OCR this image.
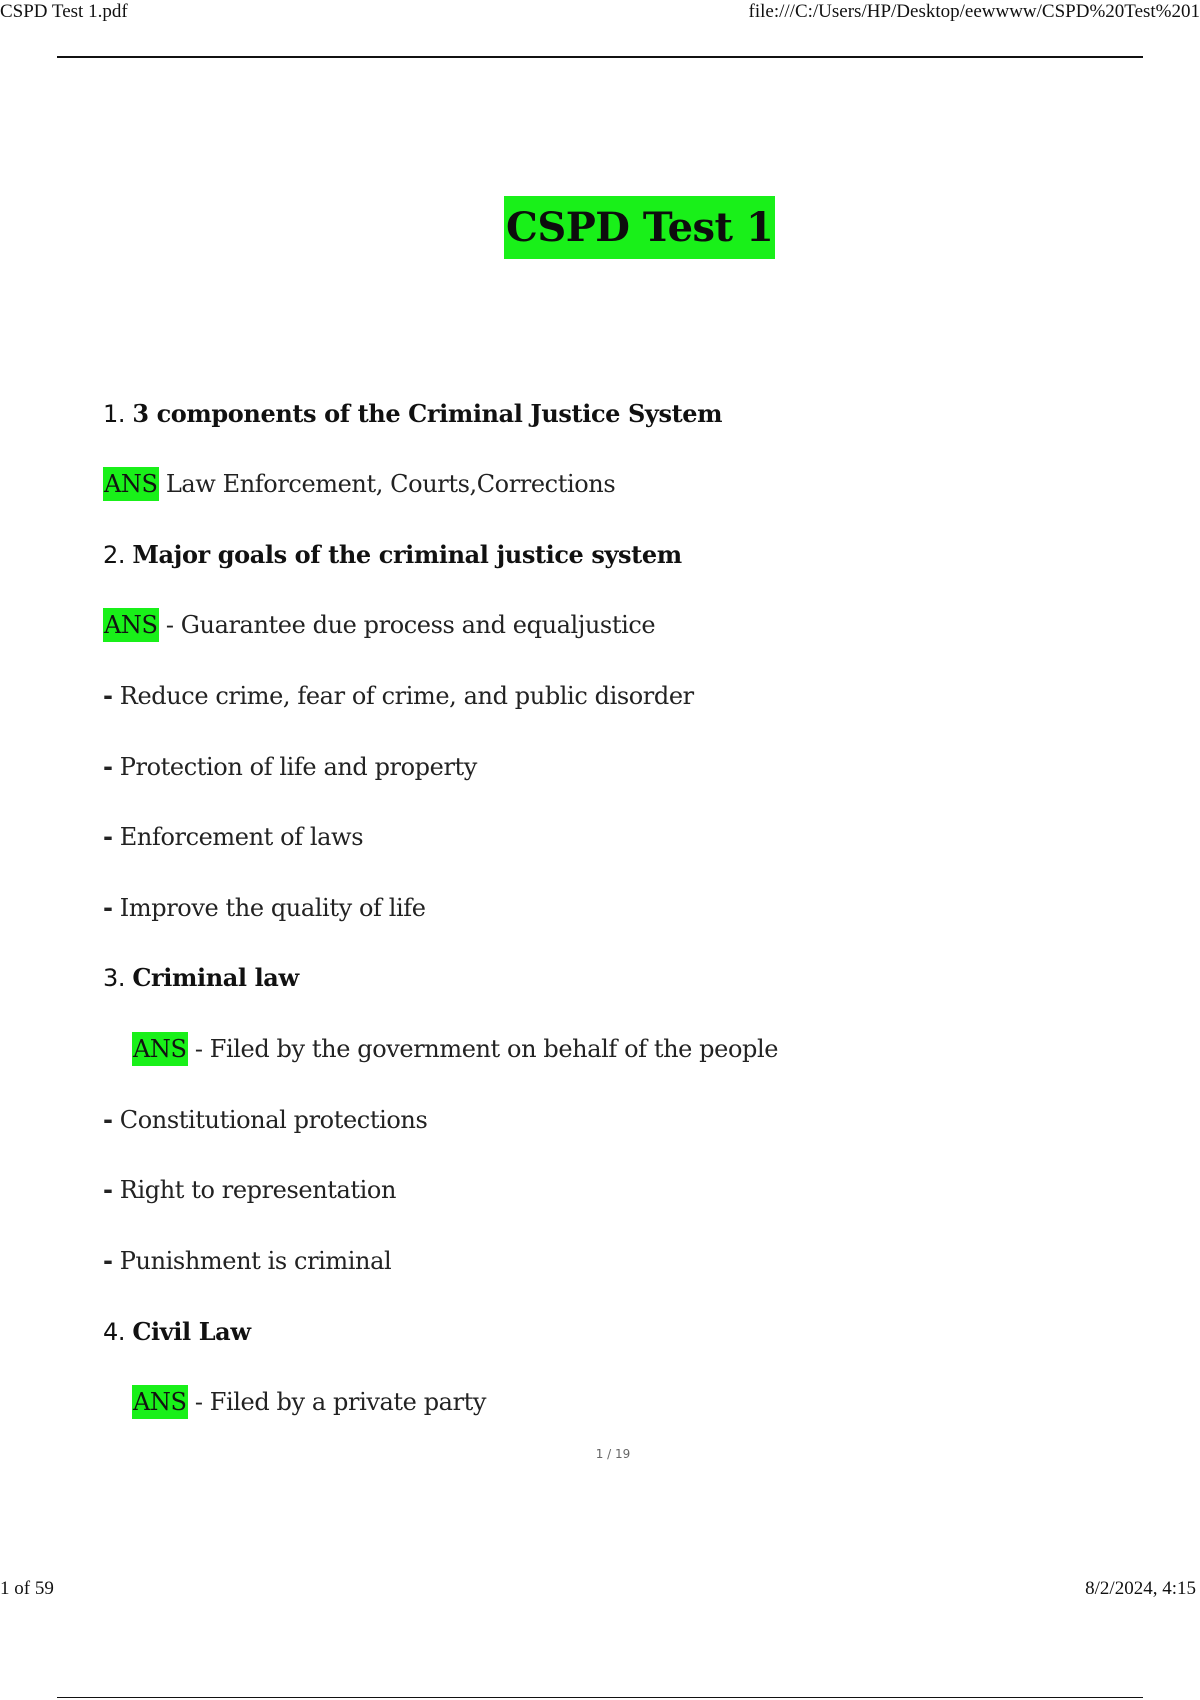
CSPD Test 1.pdf	file:///C:/Users/HP/Desktop/eewwww/CSPD%20Test%201
CSPD Test 1
1. 3 components of the Criminal Justice System
ANS Law Enforcement, Courts,Corrections
2. Major goals of the criminal justice system
ANS - Guarantee due process and equaljustice
- Reduce crime, fear of crime, and public disorder
- Protection of life and property
- Enforcement of laws
- Improve the quality of life
3. Criminal law
ANS - Filed by the government on behalf of the people
- Constitutional protections
- Right to representation
- Punishment is criminal
4. Civil Law
ANS - Filed by a private party
1 / 19
1 of 59	8/2/2024, 4:15
